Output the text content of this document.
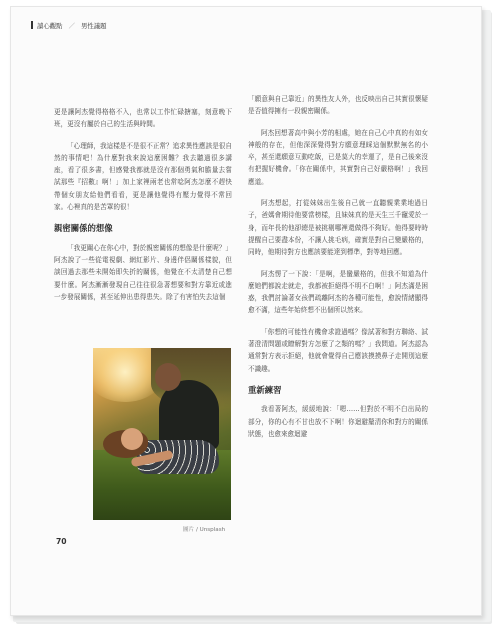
讀心觀點 ／ 男性議題

更是讓阿杰覺得格格不入，也常以工作忙碌搪塞，刻意晚下班，更沒有屬於自己的生活與時間。

「心理師，我這樣是不是很不正常？追求異性應該是很自然的事情吧！為什麼對我來說這麼困難？我去聽過很多講座，看了很多書，但感覺我都就是沒有那個勇氣和膽量去嘗試那些『招數』啊！」加上家裡兩老也常唸阿杰怎麼不趕快帶個女朋友給他們看看，更是讓他覺得有壓力覺得不常回家。心裡真的是苦罩的很！

親密關係的想像

「我更關心在你心中，對於親密關係的想像是什麼呢？」阿杰說了一些從電視劇、網紅影片、身邊伴侶關係樣貌，但談回過去那些未開始即失折的關係，他覺在不太清楚自己想要什麼。阿杰漸漸發現自己往往很急著想要和對方靠近或進一步發展關係，甚至延伸出患得患失。除了有害怕失去這個

「願意與自己靠近」的異性友人外，也反映出自己其實很懷疑是否值得擁有一段親密關係。

阿杰回想著高中與小芳的相處，她在自己心中真的有如女神般的存在，但他深深覺得對方願意理睬這個默默無名的小卒，甚至還願意互動吃飯，已是莫大的幸運了，是自己後來沒有把握好機會。「你在關係中，其實對自己好嚴格啊！」我回應道。

阿杰想起，打從妹妹出生後自己就一直聽親業業地過日子，爸媽會期待他要當榜樣，且妹妹真的是天生三千寵愛於一身，而年長的他卻總是被挑剔哪裡還做得不夠好。他得要時時提醒自己要盡本份，不讓人挑毛病，確實是對自己變嚴格的，同時，他期待對方也應該要能達到標準，對等地回應。

阿杰愣了一下說：「是啊，是蠻嚴格的，但我不知道為什麼她們都說走就走，我都被拒絕得不明不白啊！」阿杰滿是困惑，我們討論著女孩們疏離阿杰的各種可能性，愈說情緒顯得愈不滿，這些年始終想不出個所以然來。

「你想的可能性有機會求證過嗎？像試著和對方聯絡、試著澄清問題或瞭解對方怎麼了之類的嗎？」我問道。阿杰認為通常對方表示拒絕，他就會覺得自己應該摸摸鼻子走開別這麼不識趣。

重新練習

我看著阿杰，緩緩地說：「嗯……但對於不明不白出局的部分，你的心有不甘也放不下啊！你迴避釐清你和對方的關係狀態，也愈來愈迴避

圖片 / Unsplash
70
